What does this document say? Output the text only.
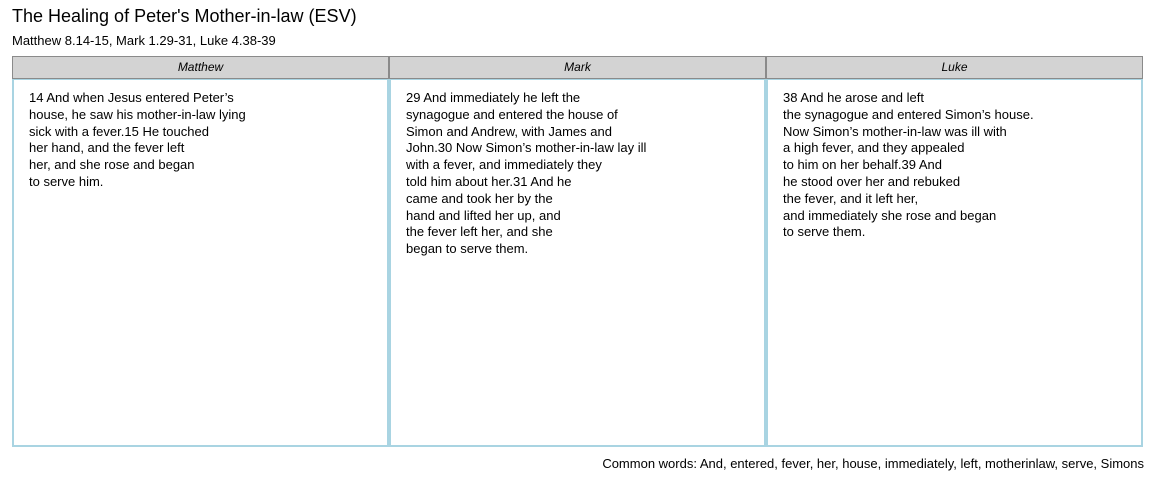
The Healing of Peter's Mother-in-law (ESV)
Matthew 8.14-15, Mark 1.29-31, Luke 4.38-39
Matthew
14 And when Jesus entered Peter’s
house, he saw his mother-in-law lying
sick with a fever.15 He touched
her hand, and the fever left
her, and she rose and began
to serve him.
Mark
29 And immediately he left the
synagogue and entered the house of
Simon and Andrew, with James and
John.30 Now Simon’s mother-in-law lay ill
with a fever, and immediately they
told him about her.31 And he
came and took her by the
hand and lifted her up, and
the fever left her, and she
began to serve them.
Luke
38 And he arose and left
the synagogue and entered Simon’s house.
Now Simon’s mother-in-law was ill with
a high fever, and they appealed
to him on her behalf.39 And
he stood over her and rebuked
the fever, and it left her,
and immediately she rose and began
to serve them.
Common words: And, entered, fever, her, house, immediately, left, motherinlaw, serve, Simons
